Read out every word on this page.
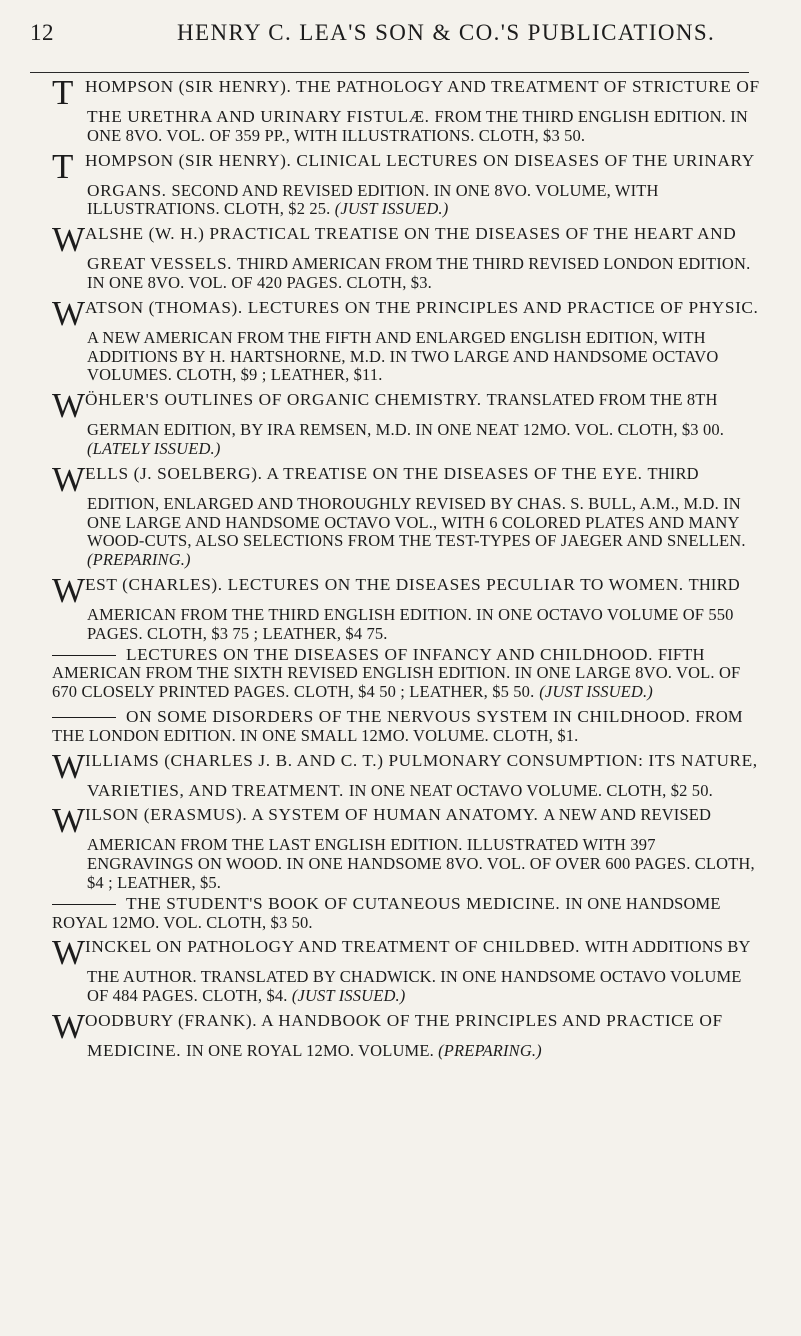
12	HENRY C. LEA'S SON & CO.'S PUBLICATIONS.
THOMPSON (SIR HENRY). THE PATHOLOGY AND TREATMENT OF STRICTURE OF THE URETHRA AND URINARY FISTULÆ. FROM THE THIRD ENGLISH EDITION. IN ONE 8VO. VOL. OF 359 PP., WITH ILLUSTRATIONS. CLOTH, $3 50.
THOMPSON (SIR HENRY). CLINICAL LECTURES ON DISEASES OF THE URINARY ORGANS. SECOND AND REVISED EDITION. IN ONE 8VO. VOLUME, WITH ILLUSTRATIONS. CLOTH, $2 25. (JUST ISSUED.)
WALSHE (W. H.) PRACTICAL TREATISE ON THE DISEASES OF THE HEART AND GREAT VESSELS. THIRD AMERICAN FROM THE THIRD REVISED LONDON EDITION. IN ONE 8VO. VOL. OF 420 PAGES. CLOTH, $3.
WATSON (THOMAS). LECTURES ON THE PRINCIPLES AND PRACTICE OF PHYSIC. A NEW AMERICAN FROM THE FIFTH AND ENLARGED ENGLISH EDITION, WITH ADDITIONS BY H. HARTSHORNE, M.D. IN TWO LARGE AND HANDSOME OCTAVO VOLUMES. CLOTH, $9 ; LEATHER, $11.
WÖHLER'S OUTLINES OF ORGANIC CHEMISTRY. TRANSLATED FROM THE 8TH GERMAN EDITION, BY IRA REMSEN, M.D. IN ONE NEAT 12MO. VOL. CLOTH, $3 00. (LATELY ISSUED.)
WELLS (J. SOELBERG). A TREATISE ON THE DISEASES OF THE EYE. THIRD EDITION, ENLARGED AND THOROUGHLY REVISED BY CHAS. S. BULL, A.M., M.D. IN ONE LARGE AND HANDSOME OCTAVO VOL., WITH 6 COLORED PLATES AND MANY WOOD-CUTS, ALSO SELECTIONS FROM THE TEST-TYPES OF JAEGER AND SNELLEN. (PREPARING.)
WEST (CHARLES). LECTURES ON THE DISEASES PECULIAR TO WOMEN. THIRD AMERICAN FROM THE THIRD ENGLISH EDITION. IN ONE OCTAVO VOLUME OF 550 PAGES. CLOTH, $3 75 ; LEATHER, $4 75.
LECTURES ON THE DISEASES OF INFANCY AND CHILDHOOD. FIFTH AMERICAN FROM THE SIXTH REVISED ENGLISH EDITION. IN ONE LARGE 8VO. VOL. OF 670 CLOSELY PRINTED PAGES. CLOTH, $4 50 ; LEATHER, $5 50. (JUST ISSUED.)
ON SOME DISORDERS OF THE NERVOUS SYSTEM IN CHILDHOOD. FROM THE LONDON EDITION. IN ONE SMALL 12MO. VOLUME. CLOTH, $1.
WILLIAMS (CHARLES J. B. AND C. T.) PULMONARY CONSUMPTION: ITS NATURE, VARIETIES, AND TREATMENT. IN ONE NEAT OCTAVO VOLUME. CLOTH, $2 50.
WILSON (ERASMUS). A SYSTEM OF HUMAN ANATOMY. A NEW AND REVISED AMERICAN FROM THE LAST ENGLISH EDITION. ILLUSTRATED WITH 397 ENGRAVINGS ON WOOD. IN ONE HANDSOME 8VO. VOL. OF OVER 600 PAGES. CLOTH, $4 ; LEATHER, $5.
THE STUDENT'S BOOK OF CUTANEOUS MEDICINE. IN ONE HANDSOME ROYAL 12MO. VOL. CLOTH, $3 50.
WINCKEL ON PATHOLOGY AND TREATMENT OF CHILDBED. WITH ADDITIONS BY THE AUTHOR. TRANSLATED BY CHADWICK. IN ONE HANDSOME OCTAVO VOLUME OF 484 PAGES. CLOTH, $4. (JUST ISSUED.)
WOODBURY (FRANK). A HANDBOOK OF THE PRINCIPLES AND PRACTICE OF MEDICINE. IN ONE ROYAL 12MO. VOLUME. (PREPARING.)
